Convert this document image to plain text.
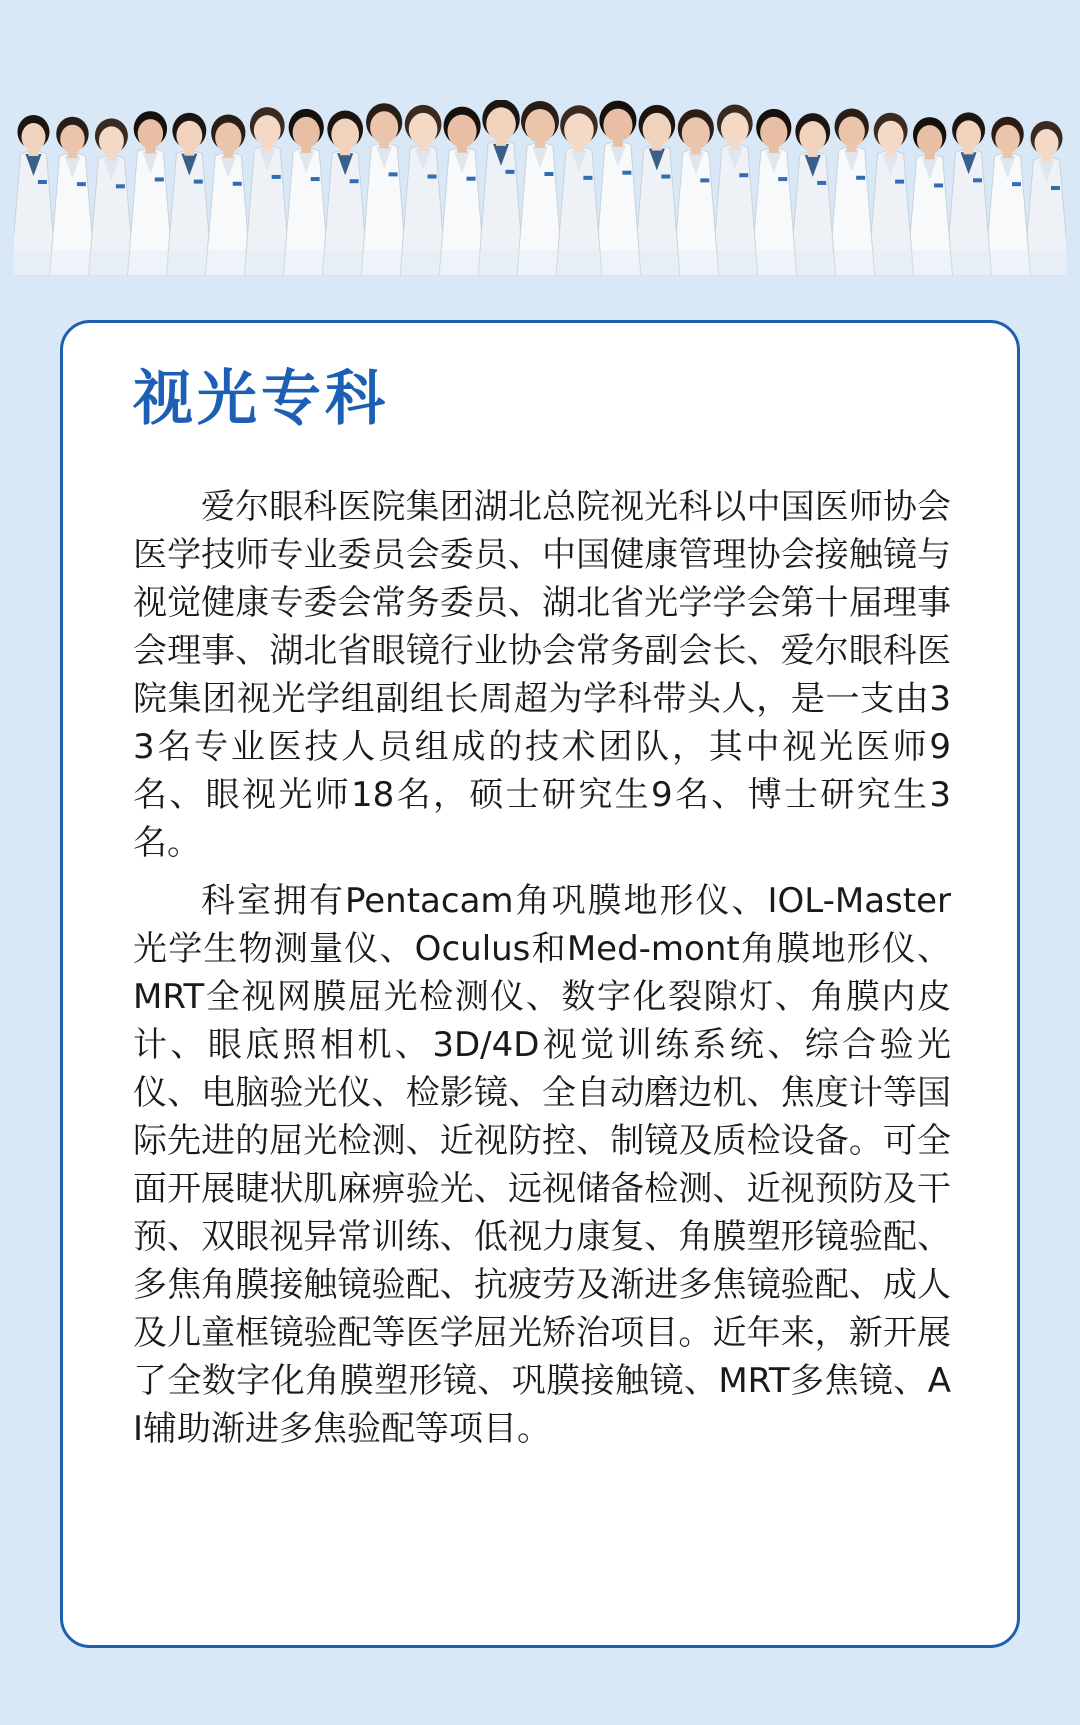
视光专科

爱尔眼科医院集团湖北总院视光科以中国医师协会医学技师专业委员会委员、中国健康管理协会接触镜与视觉健康专委会常务委员、湖北省光学学会第十届理事会理事、湖北省眼镜行业协会常务副会长、爱尔眼科医院集团视光学组副组长周超为学科带头人，是一支由33名专业医技人员组成的技术团队，其中视光医师9名、眼视光师18名，硕士研究生9名、博士研究生3名。

科室拥有Pentacam角巩膜地形仪、IOL-Master光学生物测量仪、Oculus和Med-mont角膜地形仪、MRT全视网膜屈光检测仪、数字化裂隙灯、角膜内皮计、眼底照相机、3D/4D视觉训练系统、综合验光仪、电脑验光仪、检影镜、全自动磨边机、焦度计等国际先进的屈光检测、近视防控、制镜及质检设备。可全面开展睫状肌麻痹验光、远视储备检测、近视预防及干预、双眼视异常训练、低视力康复、角膜塑形镜验配、多焦角膜接触镜验配、抗疲劳及渐进多焦镜验配、成人及儿童框镜验配等医学屈光矫治项目。近年来，新开展了全数字化角膜塑形镜、巩膜接触镜、MRT多焦镜、AI辅助渐进多焦验配等项目。
